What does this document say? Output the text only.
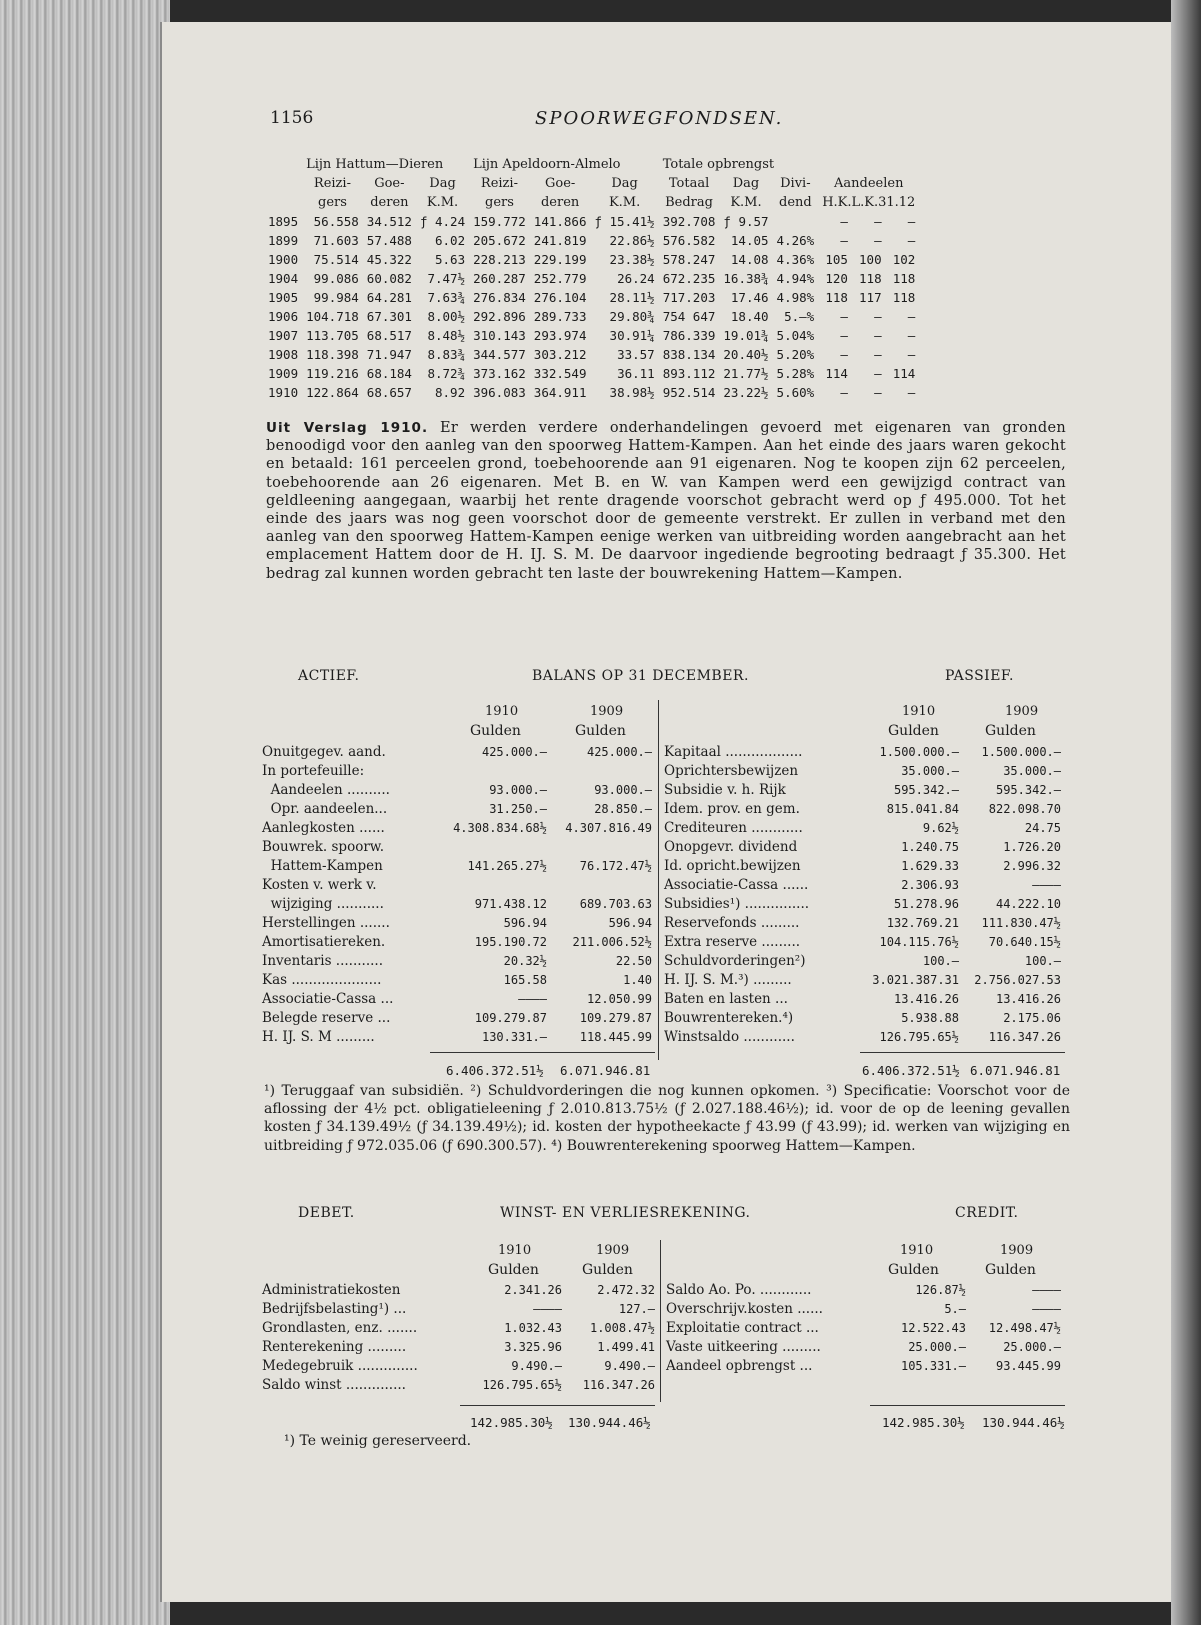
1156	SPOORWEGFONDSEN.
	Lijn Hattum—Dieren			Lijn Apeldoorn-Almelo			Totale opbrengst					
	Reizi-	Goe-	Dag	Reizi-	Goe-	Dag	Totaal	Dag	Divi-	Aandeelen		
	gers	deren	K.M.	gers	deren	K.M.	Bedrag	K.M.	dend	H.K.L.K.31.12		
1895	56.558	34.512	ƒ 4.24	159.772	141.866	ƒ 15.41½	392.708	ƒ 9.57		—	—	—
1899	71.603	57.488	6.02	205.672	241.819	22.86½	576.582	14.05	4.26%	—	—	—
1900	75.514	45.322	5.63	228.213	229.199	23.38½	578.247	14.08	4.36%	105	100	102
1904	99.086	60.082	7.47½	260.287	252.779	26.24	672.235	16.38¾	4.94%	120	118	118
1905	99.984	64.281	7.63¾	276.834	276.104	28.11½	717.203	17.46	4.98%	118	117	118
1906	104.718	67.301	8.00½	292.896	289.733	29.80¾	754 647	18.40	5.—%	—	—	—
1907	113.705	68.517	8.48½	310.143	293.974	30.91¼	786.339	19.01¾	5.04%	—	—	—
1908	118.398	71.947	8.83¾	344.577	303.212	33.57	838.134	20.40½	5.20%	—	—	—
1909	119.216	68.184	8.72¾	373.162	332.549	36.11	893.112	21.77½	5.28%	114	—	114
1910	122.864	68.657	8.92	396.083	364.911	38.98½	952.514	23.22½	5.60%	—	—	—
Uit Verslag 1910. Er werden verdere onderhandelingen gevoerd met eigenaren van gronden benoodigd voor den aanleg van den spoorweg Hattem-Kampen. Aan het einde des jaars waren gekocht en betaald: 161 perceelen grond, toebehoorende aan 91 eigenaren. Nog te koopen zijn 62 perceelen, toebehoorende aan 26 eigenaren. Met B. en W. van Kampen werd een gewijzigd contract van geldleening aangegaan, waarbij het rente dragende voorschot gebracht werd op ƒ 495.000. Tot het einde des jaars was nog geen voorschot door de gemeente verstrekt. Er zullen in verband met den aanleg van den spoorweg Hattem-Kampen eenige werken van uitbreiding worden aangebracht aan het emplacement Hattem door de H. IJ. S. M. De daarvoor ingediende begrooting bedraagt ƒ 35.300. Het bedrag zal kunnen worden gebracht ten laste der bouwrekening Hattem—Kampen.
ACTIEF.	BALANS OP 31 DECEMBER.	PASSIEF.
1910	1909
Gulden	Gulden
1910	1909
Gulden	Gulden
Onuitgegev. aand.	425.000.—	425.000.—
In portefeuille:		
Aandeelen ..........	93.000.—	93.000.—
Opr. aandeelen...	31.250.—	28.850.—
Aanlegkosten ......	4.308.834.68½	4.307.816.49
Bouwrek. spoorw.		
Hattem-Kampen	141.265.27½	76.172.47½
Kosten v. werk v.		
wijziging ...........	971.438.12	689.703.63
Herstellingen .......	596.94	596.94
Amortisatiereken.	195.190.72	211.006.52½
Inventaris ...........	20.32½	22.50
Kas .....................	165.58	1.40
Associatie-Cassa ...	————	12.050.99
Belegde reserve ...	109.279.87	109.279.87
H. IJ. S. M .........	130.331.—	118.445.99
Kapitaal ..................	1.500.000.—	1.500.000.—
Oprichtersbewijzen	35.000.—	35.000.—
Subsidie v. h. Rijk	595.342.—	595.342.—
Idem. prov. en gem.	815.041.84	822.098.70
Crediteuren ............	9.62½	24.75
Onopgevr. dividend	1.240.75	1.726.20
Id. opricht.bewijzen	1.629.33	2.996.32
Associatie-Cassa ......	2.306.93	————
Subsidies¹) ...............	51.278.96	44.222.10
Reservefonds .........	132.769.21	111.830.47½
Extra reserve .........	104.115.76½	70.640.15½
Schuldvorderingen²)	100.—	100.—
H. IJ. S. M.³) .........	3.021.387.31	2.756.027.53
Baten en lasten ...	13.416.26	13.416.26
Bouwrentereken.⁴)	5.938.88	2.175.06
Winstsaldo ............	126.795.65½	116.347.26
6.406.372.51½ 6.071.946.81	6.406.372.51½ 6.071.946.81
¹) Teruggaaf van subsidiën. ²) Schuldvorderingen die nog kunnen opkomen. ³) Specificatie: Voorschot voor de aflossing der 4½ pct. obligatieleening ƒ 2.010.813.75½ (ƒ 2.027.188.46½); id. voor de op de leening gevallen kosten ƒ 34.139.49½ (ƒ 34.139.49½); id. kosten der hypotheekacte ƒ 43.99 (ƒ 43.99); id. werken van wijziging en uitbreiding ƒ 972.035.06 (ƒ 690.300.57). ⁴) Bouwrenterekening spoorweg Hattem—Kampen.
DEBET.	WINST- EN VERLIESREKENING.	CREDIT.
1910	1909
Gulden	Gulden
1910	1909
Gulden	Gulden
Administratiekosten	2.341.26	2.472.32
Bedrijfsbelasting¹) ...	————	127.—
Grondlasten, enz. .......	1.032.43	1.008.47½
Renterekening .........	3.325.96	1.499.41
Medegebruik ..............	9.490.—	9.490.—
Saldo winst ..............	126.795.65½	116.347.26
Saldo Ao. Po. ............	126.87½	————
Overschrijv.kosten ......	5.—	————
Exploitatie contract ...	12.522.43	12.498.47½
Vaste uitkeering .........	25.000.—	25.000.—
Aandeel opbrengst ...	105.331.—	93.445.99
142.985.30½ 130.944.46½	142.985.30½ 130.944.46½
¹) Te weinig gereserveerd.
